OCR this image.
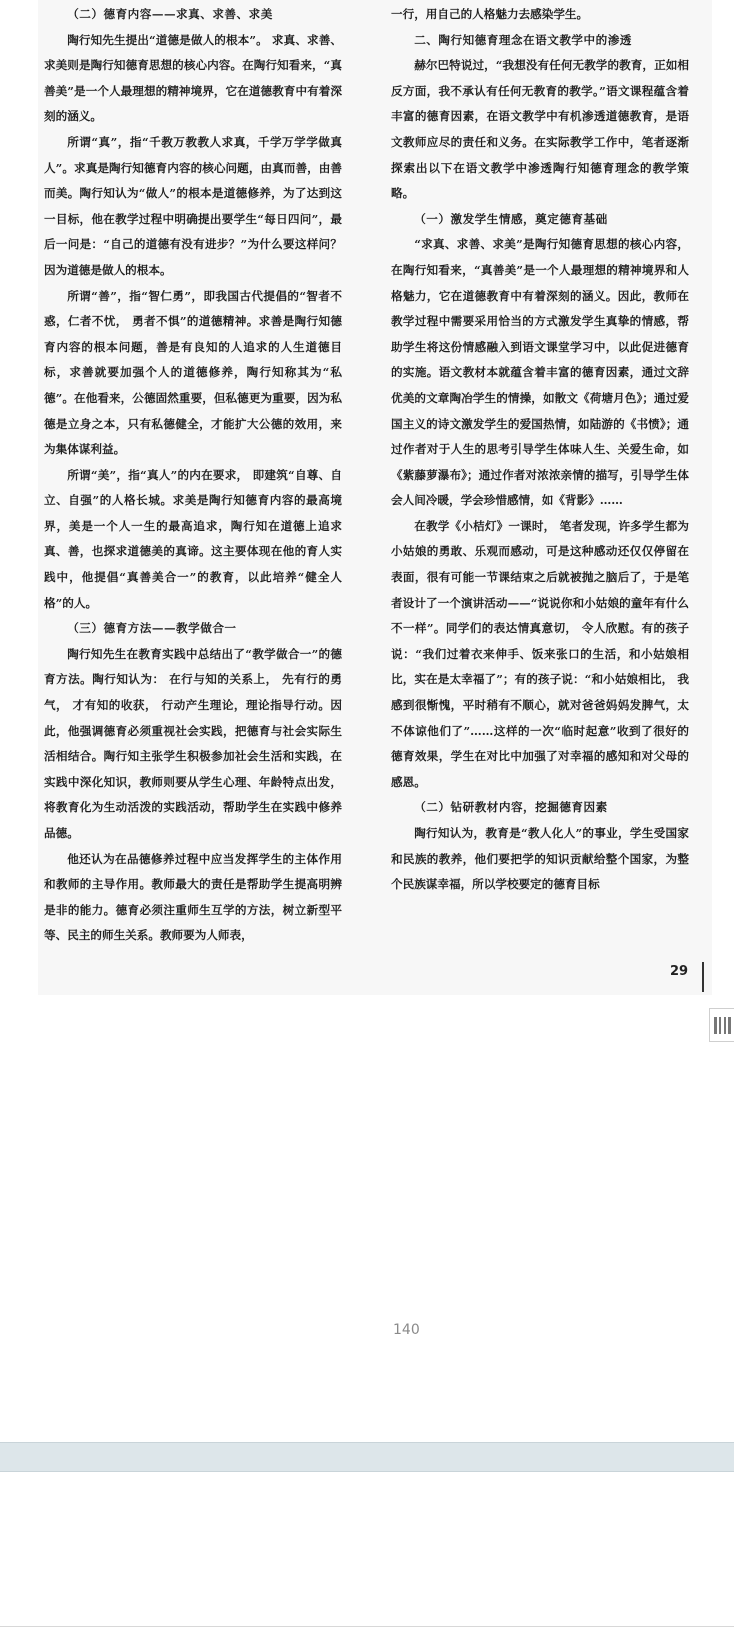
（二）德育内容——求真、求善、求美

陶行知先生提出“道德是做人的根本”。 求真、求善、求美则是陶行知德育思想的核心内容。在陶行知看来，“真善美”是一个人最理想的精神境界，它在道德教育中有着深刻的涵义。

所谓“真”，指“千教万教教人求真，千学万学学做真人”。求真是陶行知德育内容的核心问题，由真而善，由善而美。陶行知认为“做人”的根本是道德修养，为了达到这一目标，他在教学过程中明确提出要学生“每日四问”，最后一问是：“自己的道德有没有进步？”为什么要这样问？因为道德是做人的根本。

所谓“善”，指“智仁勇”，即我国古代提倡的“智者不惑，仁者不忧， 勇者不惧”的道德精神。求善是陶行知德育内容的根本问题，善是有良知的人追求的人生道德目标，求善就要加强个人的道德修养，陶行知称其为“私德”。在他看来，公德固然重要，但私德更为重要，因为私德是立身之本，只有私德健全，才能扩大公德的效用，来为集体谋利益。

所谓“美”，指“真人”的内在要求， 即建筑“自尊、自立、自强”的人格长城。求美是陶行知德育内容的最高境界，美是一个人一生的最高追求，陶行知在道德上追求真、善，也探求道德美的真谛。这主要体现在他的育人实践中，他提倡“真善美合一”的教育，以此培养“健全人格”的人。

（三）德育方法——教学做合一

陶行知先生在教育实践中总结出了“教学做合一”的德育方法。陶行知认为： 在行与知的关系上， 先有行的勇气， 才有知的收获， 行动产生理论，理论指导行动。因此，他强调德育必须重视社会实践，把德育与社会实际生活相结合。陶行知主张学生积极参加社会生活和实践，在实践中深化知识，教师则要从学生心理、年龄特点出发，将教育化为生动活泼的实践活动，帮助学生在实践中修养品德。

他还认为在品德修养过程中应当发挥学生的主体作用和教师的主导作用。教师最大的责任是帮助学生提高明辨是非的能力。德育必须注重师生互学的方法，树立新型平等、民主的师生关系。教师要为人师表，

一行，用自己的人格魅力去感染学生。

二、陶行知德育理念在语文教学中的渗透

赫尔巴特说过，“我想没有任何无教学的教育，正如相反方面，我不承认有任何无教育的教学。”语文课程蕴含着丰富的德育因素，在语文教学中有机渗透道德教育，是语文教师应尽的责任和义务。在实际教学工作中，笔者逐渐探索出以下在语文教学中渗透陶行知德育理念的教学策略。

（一）激发学生情感，奠定德育基础

“求真、求善、求美”是陶行知德育思想的核心内容，在陶行知看来，“真善美”是一个人最理想的精神境界和人格魅力，它在道德教育中有着深刻的涵义。因此，教师在教学过程中需要采用恰当的方式激发学生真挚的情感，帮助学生将这份情感融入到语文课堂学习中，以此促进德育的实施。语文教材本就蕴含着丰富的德育因素，通过文辞优美的文章陶冶学生的情操，如散文《荷塘月色》；通过爱国主义的诗文激发学生的爱国热情，如陆游的《书愤》；通过作者对于人生的思考引导学生体味人生、关爱生命，如《紫藤萝瀑布》；通过作者对浓浓亲情的描写，引导学生体会人间冷暖，学会珍惜感情，如《背影》……

在教学《小桔灯》一课时， 笔者发现，许多学生都为小姑娘的勇敢、乐观而感动，可是这种感动还仅仅停留在表面，很有可能一节课结束之后就被抛之脑后了，于是笔者设计了一个演讲活动——“说说你和小姑娘的童年有什么不一样”。同学们的表达情真意切， 令人欣慰。有的孩子说：“我们过着衣来伸手、饭来张口的生活，和小姑娘相比，实在是太幸福了”；有的孩子说：“和小姑娘相比， 我感到很惭愧，平时稍有不顺心，就对爸爸妈妈发脾气，太不体谅他们了”……这样的一次“临时起意”收到了很好的德育效果，学生在对比中加强了对幸福的感知和对父母的感恩。

（二）钻研教材内容，挖掘德育因素

陶行知认为，教育是“教人化人”的事业，学生受国家和民族的教养，他们要把学的知识贡献给整个国家，为整个民族谋幸福，所以学校要定的德育目标

29
140
